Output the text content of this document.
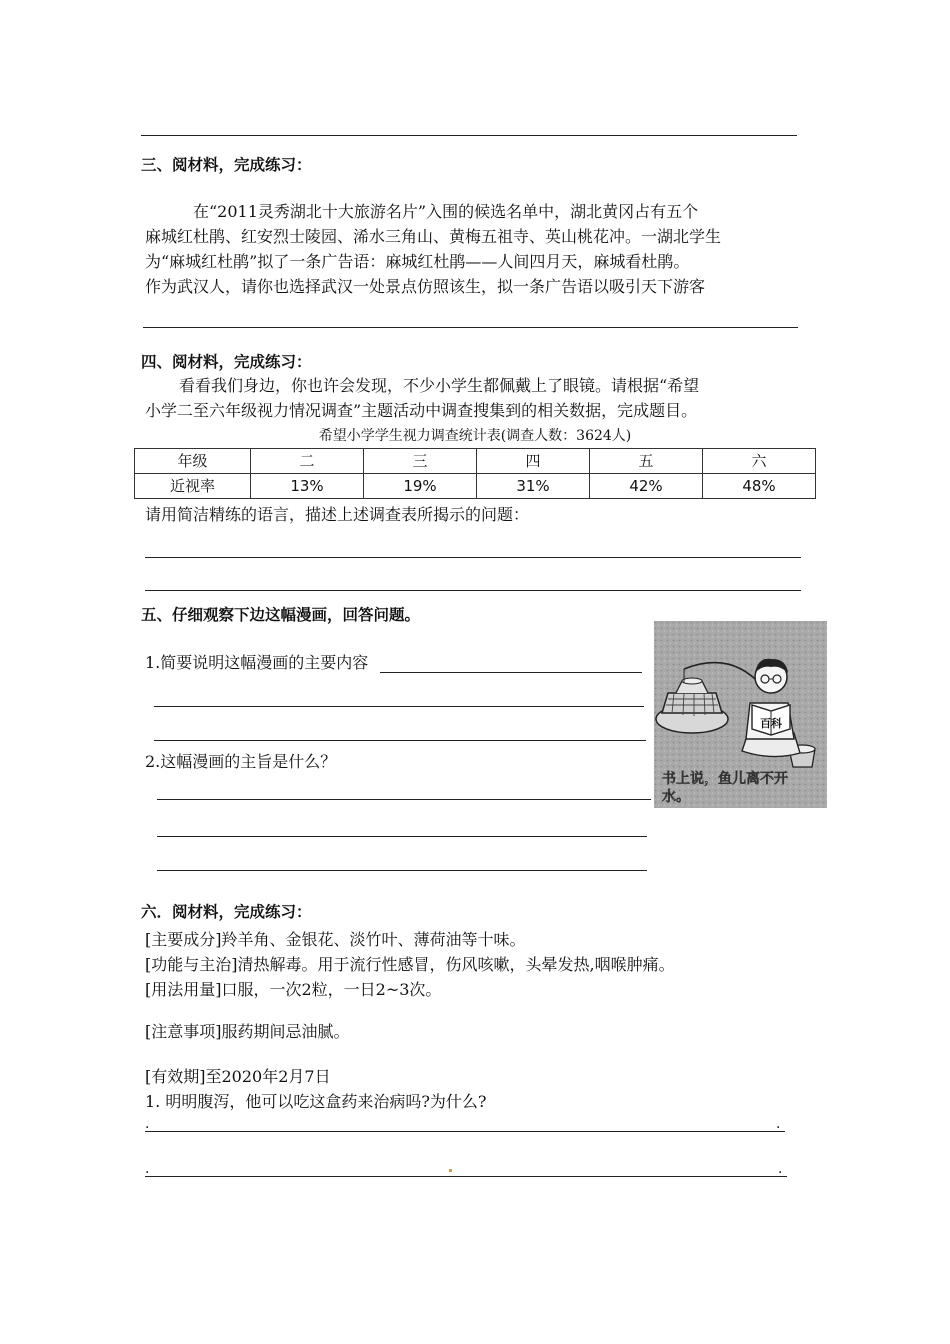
三、阅材料，完成练习：
在“2011灵秀湖北十大旅游名片”入围的候选名单中，湖北黄冈占有五个
麻城红杜鹃、红安烈士陵园、浠水三角山、黄梅五祖寺、英山桃花冲。一湖北学生
为“麻城红杜鹃”拟了一条广告语：麻城红杜鹃——人间四月天，麻城看杜鹃。
作为武汉人，请你也选择武汉一处景点仿照该生，拟一条广告语以吸引天下游客
四、阅材料，完成练习：
看看我们身边，你也许会发现，不少小学生都佩戴上了眼镜。请根据“希望
小学二至六年级视力情况调查”主题活动中调查搜集到的相关数据，完成题目。
希望小学学生视力调查统计表(调查人数：3624人)
年级	二	三	四	五	六
近视率	13%	19%	31%	42%	48%
请用简洁精练的语言，描述上述调查表所揭示的问题：
五、仔细观察下边这幅漫画，回答问题。
1.简要说明这幅漫画的主要内容
2.这幅漫画的主旨是什么？
百科
书上说，鱼儿离不开
水。
六．阅材料，完成练习：
[主要成分]羚羊角、金银花、淡竹叶、薄荷油等十味。
[功能与主治]清热解毒。用于流行性感冒，伤风咳嗽，头晕发热,咽喉肿痛。
[用法用量]口服，一次2粒，一日2~3次。
[注意事项]服药期间忌油腻。
[有效期]至2020年2月7日
1. 明明腹泻，他可以吃这盒药来治病吗?为什么?
.	.
.	.
